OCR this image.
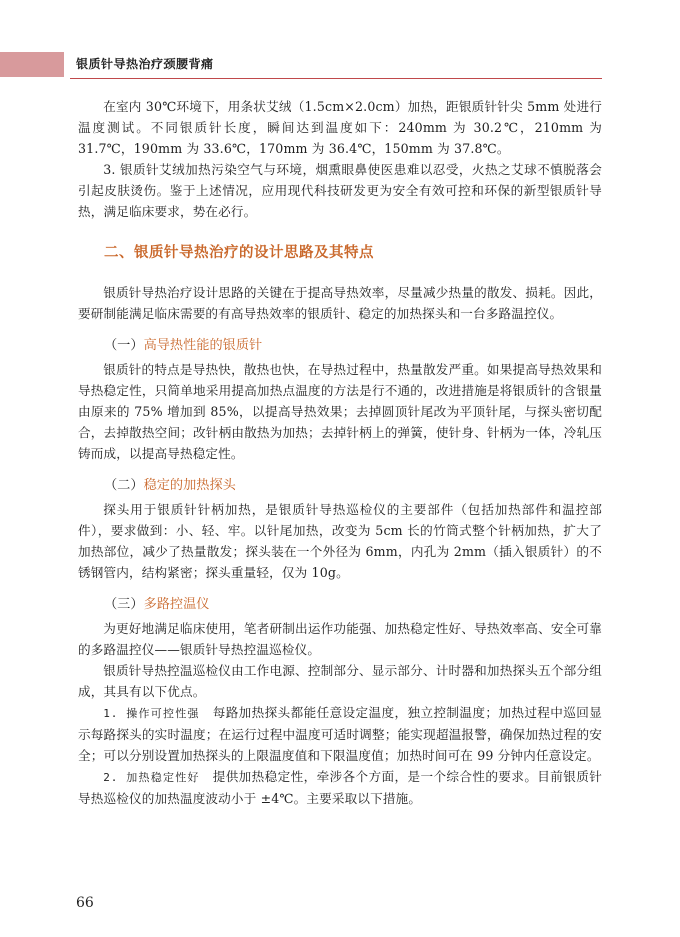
银质针导热治疗颈腰背痛

在室内 30℃环境下，用条状艾绒（1.5cm×2.0cm）加热，距银质针针尖 5mm 处进行温度测试。不同银质针长度，瞬间达到温度如下：240mm 为 30.2℃，210mm 为 31.7℃，190mm 为 33.6℃，170mm 为 36.4℃，150mm 为 37.8℃。

3. 银质针艾绒加热污染空气与环境，烟熏眼鼻使医患难以忍受，火热之艾球不慎脱落会引起皮肤烫伤。鉴于上述情况，应用现代科技研发更为安全有效可控和环保的新型银质针导热，满足临床要求，势在必行。

二、银质针导热治疗的设计思路及其特点

银质针导热治疗设计思路的关键在于提高导热效率，尽量减少热量的散发、损耗。因此，要研制能满足临床需要的有高导热效率的银质针、稳定的加热探头和一台多路温控仪。

（一）高导热性能的银质针

银质针的特点是导热快，散热也快，在导热过程中，热量散发严重。如果提高导热效果和导热稳定性，只简单地采用提高加热点温度的方法是行不通的，改进措施是将银质针的含银量由原来的 75% 增加到 85%，以提高导热效果；去掉圆顶针尾改为平顶针尾，与探头密切配合，去掉散热空间；改针柄由散热为加热；去掉针柄上的弹簧，使针身、针柄为一体，冷轧压铸而成，以提高导热稳定性。

（二）稳定的加热探头

探头用于银质针针柄加热，是银质针导热巡检仪的主要部件（包括加热部件和温控部件），要求做到：小、轻、牢。以针尾加热，改变为 5cm 长的竹筒式整个针柄加热，扩大了加热部位，减少了热量散发；探头装在一个外径为 6mm，内孔为 2mm（插入银质针）的不锈钢管内，结构紧密；探头重量轻，仅为 10g。

（三）多路控温仪

为更好地满足临床使用，笔者研制出运作功能强、加热稳定性好、导热效率高、安全可靠的多路温控仪——银质针导热控温巡检仪。

银质针导热控温巡检仪由工作电源、控制部分、显示部分、计时器和加热探头五个部分组成，其具有以下优点。

1. 操作可控性强　 每路加热探头都能任意设定温度，独立控制温度；加热过程中巡回显示每路探头的实时温度；在运行过程中温度可适时调整；能实现超温报警，确保加热过程的安全；可以分别设置加热探头的上限温度值和下限温度值；加热时间可在 99 分钟内任意设定。

2. 加热稳定性好　 提供加热稳定性，牵涉各个方面，是一个综合性的要求。目前银质针导热巡检仪的加热温度波动小于 ±4℃。主要采取以下措施。

66
